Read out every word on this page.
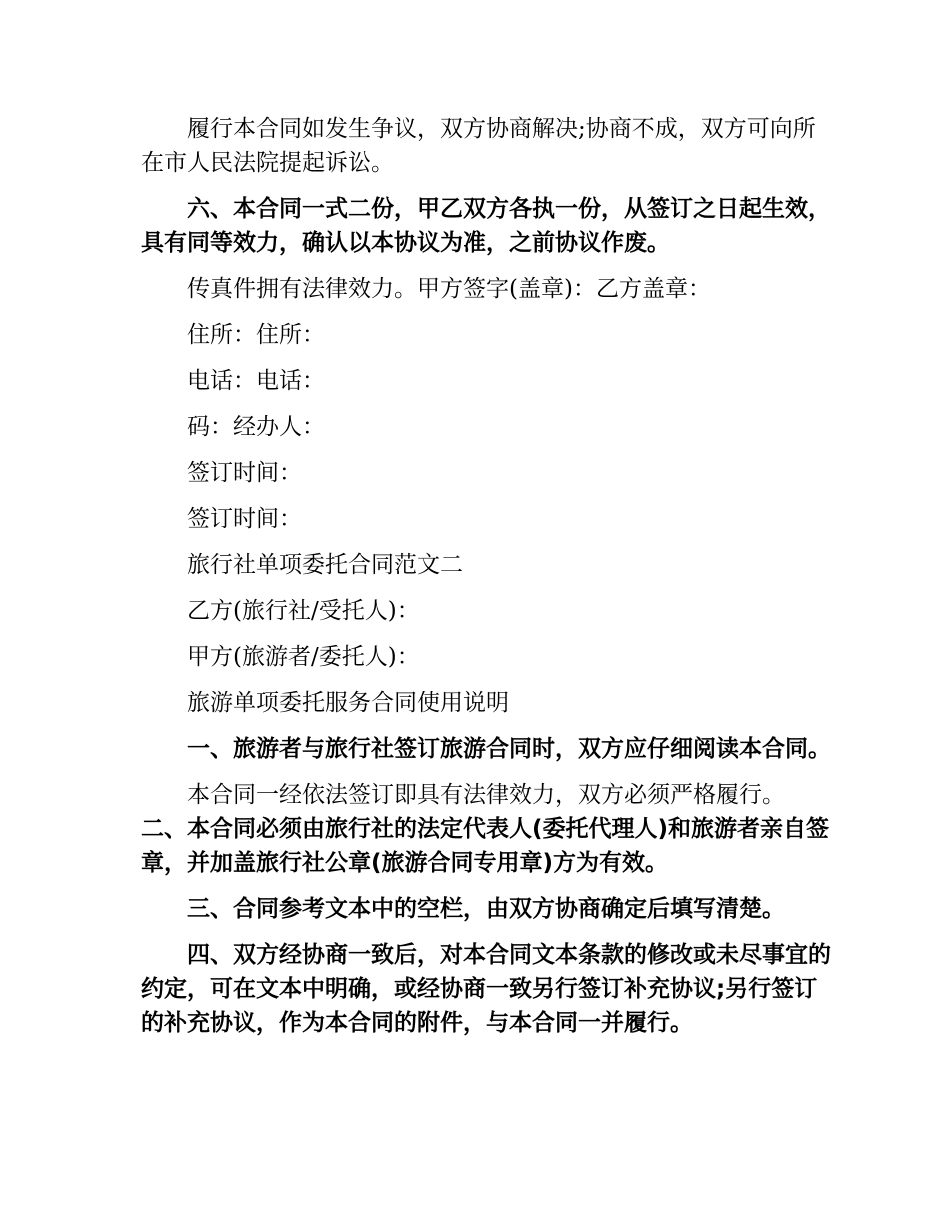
履行本合同如发生争议，双方协商解决;协商不成，双方可向所在市人民法院提起诉讼。

六、本合同一式二份，甲乙双方各执一份，从签订之日起生效，具有同等效力，确认以本协议为准，之前协议作废。

传真件拥有法律效力。甲方签字(盖章)：乙方盖章：

住所：住所：

电话：电话：

码：经办人：

签订时间：

签订时间：

旅行社单项委托合同范文二

乙方(旅行社/受托人)：

甲方(旅游者/委托人)：

旅游单项委托服务合同使用说明

一、旅游者与旅行社签订旅游合同时，双方应仔细阅读本合同。

本合同一经依法签订即具有法律效力，双方必须严格履行。

二、本合同必须由旅行社的法定代表人(委托代理人)和旅游者亲自签章，并加盖旅行社公章(旅游合同专用章)方为有效。

三、合同参考文本中的空栏，由双方协商确定后填写清楚。

四、双方经协商一致后，对本合同文本条款的修改或未尽事宜的约定，可在文本中明确，或经协商一致另行签订补充协议;另行签订的补充协议，作为本合同的附件，与本合同一并履行。
